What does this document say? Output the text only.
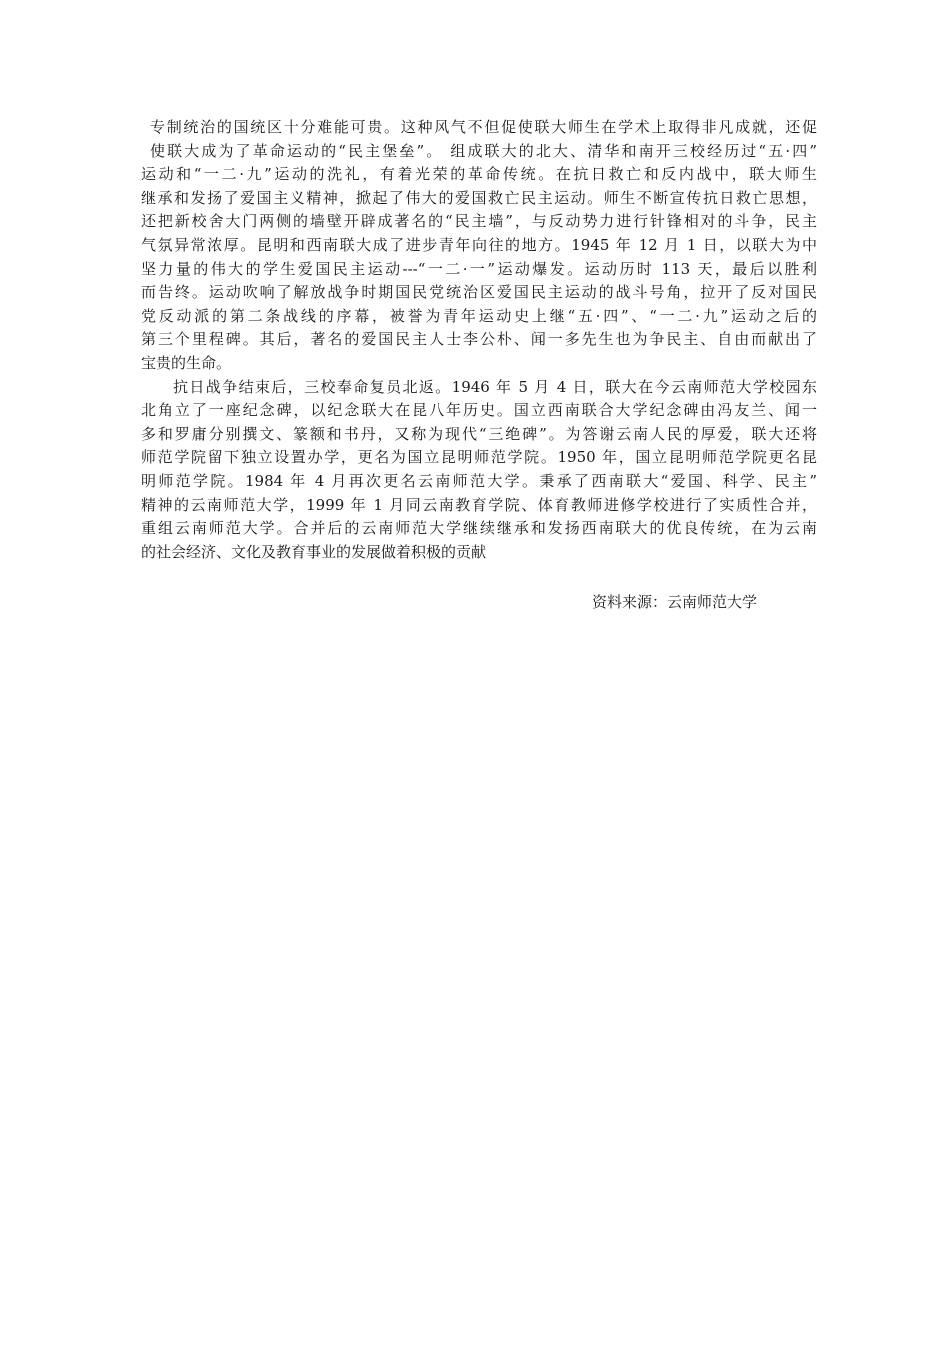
专制统治的国统区十分难能可贵。这种风气不但促使联大师生在学术上取得非凡成就，还促
使联大成为了革命运动的“民主堡垒”。 组成联大的北大、清华和南开三校经历过“五·四”
运动和“一二·九”运动的洗礼，有着光荣的革命传统。在抗日救亡和反内战中，联大师生
继承和发扬了爱国主义精神，掀起了伟大的爱国救亡民主运动。师生不断宣传抗日救亡思想，
还把新校舍大门两侧的墙壁开辟成著名的“民主墙”，与反动势力进行针锋相对的斗争，民主
气氛异常浓厚。昆明和西南联大成了进步青年向往的地方。1945 年 12 月 1 日，以联大为中
坚力量的伟大的学生爱国民主运动---“一二·一”运动爆发。运动历时 113 天，最后以胜利
而告终。运动吹响了解放战争时期国民党统治区爱国民主运动的战斗号角，拉开了反对国民
党反动派的第二条战线的序幕，被誉为青年运动史上继“五·四”、“一二·九”运动之后的
第三个里程碑。其后，著名的爱国民主人士李公朴、闻一多先生也为争民主、自由而献出了
宝贵的生命。
抗日战争结束后，三校奉命复员北返。1946 年 5 月 4 日，联大在今云南师范大学校园东
北角立了一座纪念碑，以纪念联大在昆八年历史。国立西南联合大学纪念碑由冯友兰、闻一
多和罗庸分别撰文、篆额和书丹，又称为现代“三绝碑”。为答谢云南人民的厚爱，联大还将
师范学院留下独立设置办学，更名为国立昆明师范学院。1950 年，国立昆明师范学院更名昆
明师范学院。1984 年 4 月再次更名云南师范大学。秉承了西南联大“爱国、科学、民主”
精神的云南师范大学，1999 年 1 月同云南教育学院、体育教师进修学校进行了实质性合并，
重组云南师范大学。合并后的云南师范大学继续继承和发扬西南联大的优良传统，在为云南
的社会经济、文化及教育事业的发展做着积极的贡献
资料来源：云南师范大学
